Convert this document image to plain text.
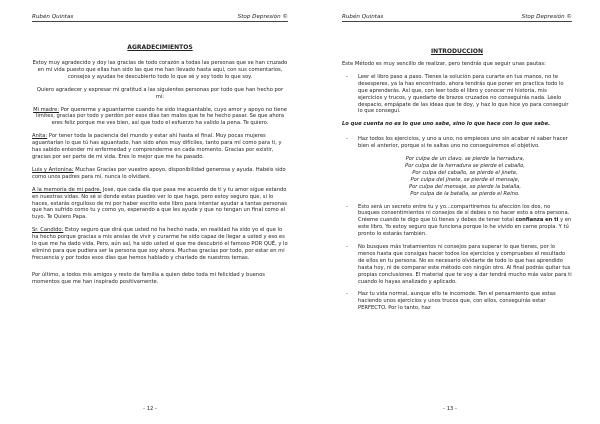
Rubén Quintas	Stop Depresión ©
AGRADECIMIENTOS

Estoy muy agradecido y doy las gracias de todo corazón a todas las personas que se han cruzado en mi vida puesto que ellas han sido las que me han llevado hasta aquí, con sus comentarios, consejos y ayudas he descubierto todo lo que sé y soy todo lo que soy.

Quiero agradecer y expresar mi gratitud a las siguientes personas por todo que han hecho por mí:

Mi madre: Por quererme y aguantarme cuando he sido inaguantable, cuyo amor y apoyo no tiene límites, gracias por todo y perdón por esos días tan malos que te he hecho pasar. Se que ahora eres feliz porque me ves bien, así que todo el esfuerzo ha valido la pena. Te quiero.

Anita: Por tener toda la paciencia del mundo y estar ahí hasta el final. Muy pocas mujeres aguantarían lo que tú has aguantado, han sido años muy difíciles, tanto para mí como para ti, y has sabido entender mi enfermedad y comprenderme en cada momento. Gracias por existir, gracias por ser parte de mi vida. Eres lo mejor que me ha pasado.

Luis y Antonina: Muchas Gracias por vuestro apoyo, disponibilidad generosa y ayuda. Habéis sido como unos padres para mí, nunca lo olvidaré.

A la memoria de mi padre. José, que cada día que pasa me acuerdo de ti y tu amor sigue estando en nuestras vidas. No sé si donde estas puedes ver lo que hago, pero estoy seguro que, si lo haces, estarás orgulloso de mi por haber escrito este libro para intentar ayudar a tantas personas que han sufrido como tu y como yo, esperando a que les ayude y que no tengan un final como el tuyo. Te Quiero Papa.

Sr. Candido: Estoy seguro que dirá que usted no ha hecho nada, en realidad ha sido yo el que lo ha hecho porque gracias a mis ansias de vivir y curarme he sido capaz de llegar a usted y eso es lo que me ha dado vida. Pero, aún así, ha sido usted el que me descubrió el famoso POR QUÉ, y lo eliminó para que pudiera ser la persona que soy ahora. Muchas gracias por todo, por estar en mi frecuencia y por todos esos días que hemos hablado y charlado de nuestros temas.

Por último, a todos mis amigos y resto de familia a quien debo toda mi felicidad y buenos momentos que me han inspirado positivamente.

- 12 -
Rubén Quintas	Stop Depresión ©
INTRODUCCION

Este Método es muy sencillo de realizar, pero tendrás que seguir unas pautas:

-	Leer el libro paso a paso. Tienes la solución para curarte en tus manos, no te desesperes, ya la has encontrado, ahora tendrás que poner en practica todo lo que aprenderás. Así que, con leer todo el libro y conocer mi historia, mis ejercicios y trucos, y quedarte de brazos cruzados no conseguirás nada. Léelo despacio, empápate de las ideas que te doy, y haz lo que hice yo para conseguir lo que conseguí.

Lo que cuenta no es lo que uno sabe, sino lo que hace con lo que sabe.

-	Haz todos los ejercicios, y uno a uno, no empieces uno sin acabar ni saber hacer bien el anterior, porque si te saltas uno no conseguiremos el objetivo.

Por culpa de un clavo, se pierde la herradura,
Por culpa de la herradura se pierde el caballo,
Por culpa del caballo, se pierde el jinete,
Por culpa del jinete, se pierde el mensaje,
Por culpa del mensaje, se pierde la batalla,
Por culpa de la batalla, se pierde el Reino.
-	Esto será un secreto entre tu y yo...compartiremos tu afección los dos, no busques consentimientos ni consejos de sí debes o no hacer esto a otra persona. Créeme cuando te digo que tú tienes y debes de tener total confianza en ti y en este libro. Yo estoy seguro que funciona porque lo he vivido en carne propia. Y tú pronto lo estarás también.

-	No busques más tratamientos ni consejos para superar lo que tienes, por lo menos hasta que consigas hacer todos los ejercicios y compruebes el resultado de ellos en tu persona. No es necesario olvidarte de todo lo que has aprendido hasta hoy, ni de comparar este método con ningún otro. Al final podrás quitar tus propias conclusiones. El material que te voy a dar tendrá mucho más valor para ti cuando lo hayas analizado y aplicado.

-	Haz tu vida normal, aunque ello te incomode. Ten el pensamiento que estas haciendo unos ejercicios y unos trucos que, con ellos, conseguirás estar PERFECTO. Por lo tanto, haz

- 13 -
